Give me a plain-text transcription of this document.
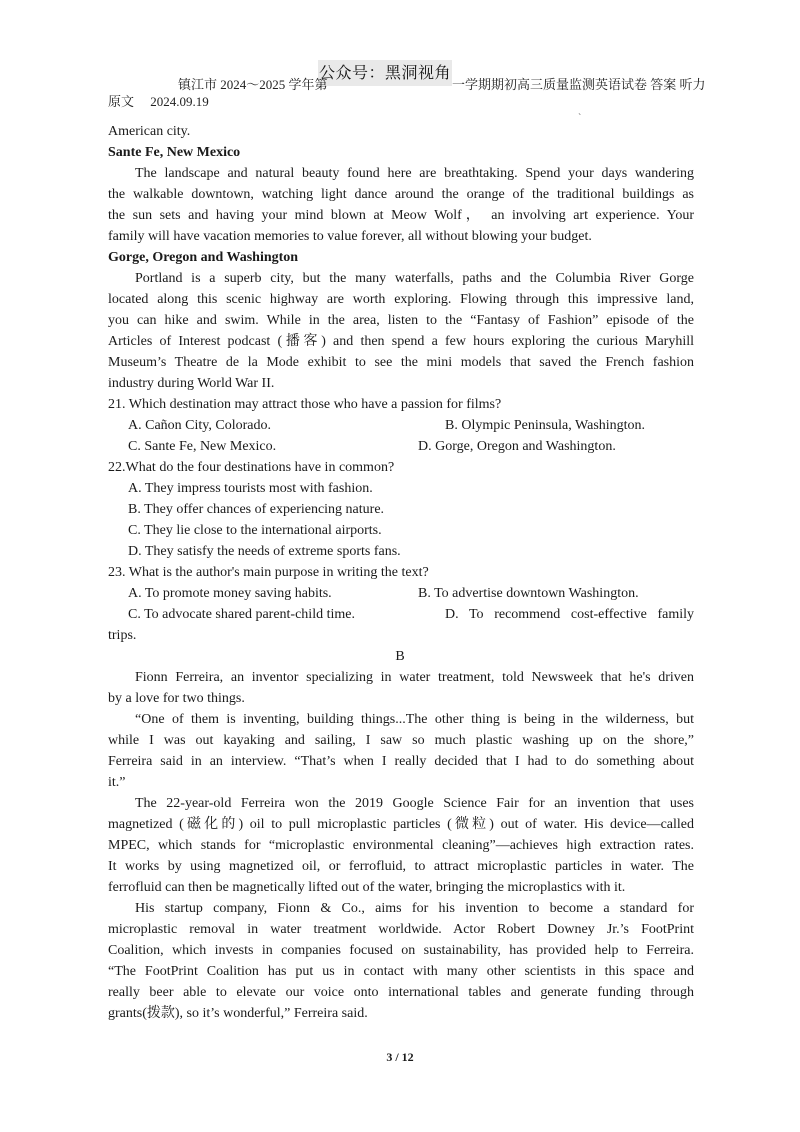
公众号：黑洞视角
镇江市 2024～2025 学年第	一学期期初高三质量监测英语试卷 答案 听力
原文　 2024.09.19
ˋ
American city.
Sante Fe, New Mexico
The landscape and natural beauty found here are breathtaking. Spend your days wandering
the walkable downtown, watching light dance around the orange of the traditional buildings as
the sun sets and having your mind blown at Meow Wolf， an involving art experience. Your
family will have vacation memories to value forever, all without blowing your budget.
Gorge, Oregon and Washington
Portland is a superb city, but the many waterfalls, paths and the Columbia River Gorge
located along this scenic highway are worth exploring. Flowing through this impressive land,
you can hike and swim. While in the area, listen to the “Fantasy of Fashion” episode of the
Articles of Interest podcast (播客) and then spend a few hours exploring the curious Maryhill
Museum’s Theatre de la Mode exhibit to see the mini models that saved the French fashion
industry during World War II.
21. Which destination may attract those who have a passion for films?
A. Cañon City, Colorado.	B. Olympic Peninsula, Washington.
C. Sante Fe, New Mexico.	D. Gorge, Oregon and Washington.
22.What do the four destinations have in common?
A. They impress tourists most with fashion.
B. They offer chances of experiencing nature.
C. They lie close to the international airports.
D. They satisfy the needs of extreme sports fans.
23. What is the author's main purpose in writing the text?
A. To promote money saving habits.	B. To advertise downtown Washington.
C. To advocate shared parent-child time.	D. To recommend cost-effective family
trips.
B
Fionn Ferreira, an inventor specializing in water treatment, told Newsweek that he's driven
by a love for two things.
“One of them is inventing, building things...The other thing is being in the wilderness, but
while I was out kayaking and sailing, I saw so much plastic washing up on the shore,”
Ferreira said in an interview. “That’s when I really decided that I had to do something about
it.”
The 22-year-old Ferreira won the 2019 Google Science Fair for an invention that uses
magnetized (磁化的) oil to pull microplastic particles (微粒) out of water. His device—called
MPEC, which stands for “microplastic environmental cleaning”—achieves high extraction rates.
It works by using magnetized oil, or ferrofluid, to attract microplastic particles in water. The
ferrofluid can then be magnetically lifted out of the water, bringing the microplastics with it.
His startup company, Fionn & Co., aims for his invention to become a standard for
microplastic removal in water treatment worldwide. Actor Robert Downey Jr.’s FootPrint
Coalition, which invests in companies focused on sustainability, has provided help to Ferreira.
“The FootPrint Coalition has put us in contact with many other scientists in this space and
really beer able to elevate our voice onto international tables and generate funding through
grants(拨款), so it’s wonderful,” Ferreira said.
3 / 12
